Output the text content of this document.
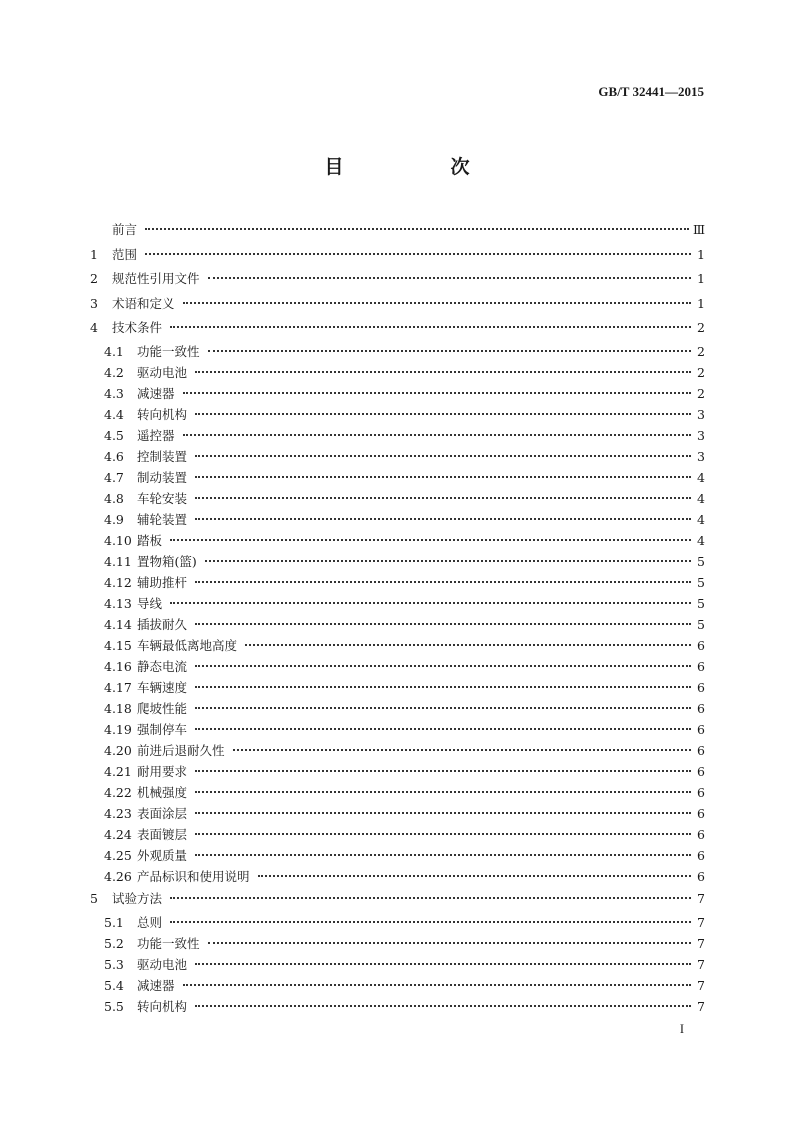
GB/T 32441—2015
目　次
前言	Ⅲ
1	范围	1
2	规范性引用文件	1
3	术语和定义	1
4	技术条件	2
4.1	功能一致性	2
4.2	驱动电池	2
4.3	减速器	2
4.4	转向机构	3
4.5	遥控器	3
4.6	控制装置	3
4.7	制动装置	4
4.8	车轮安装	4
4.9	辅轮装置	4
4.10 踏板	4
4.11 置物箱(篮)	5
4.12 辅助推杆	5
4.13 导线	5
4.14 插拔耐久	5
4.15 车辆最低离地高度	6
4.16 静态电流	6
4.17 车辆速度	6
4.18 爬坡性能	6
4.19 强制停车	6
4.20 前进后退耐久性	6
4.21 耐用要求	6
4.22 机械强度	6
4.23 表面涂层	6
4.24 表面镀层	6
4.25 外观质量	6
4.26 产品标识和使用说明	6
5	试验方法	7
5.1	总则	7
5.2	功能一致性	7
5.3	驱动电池	7
5.4	减速器	7
5.5	转向机构	7
I
